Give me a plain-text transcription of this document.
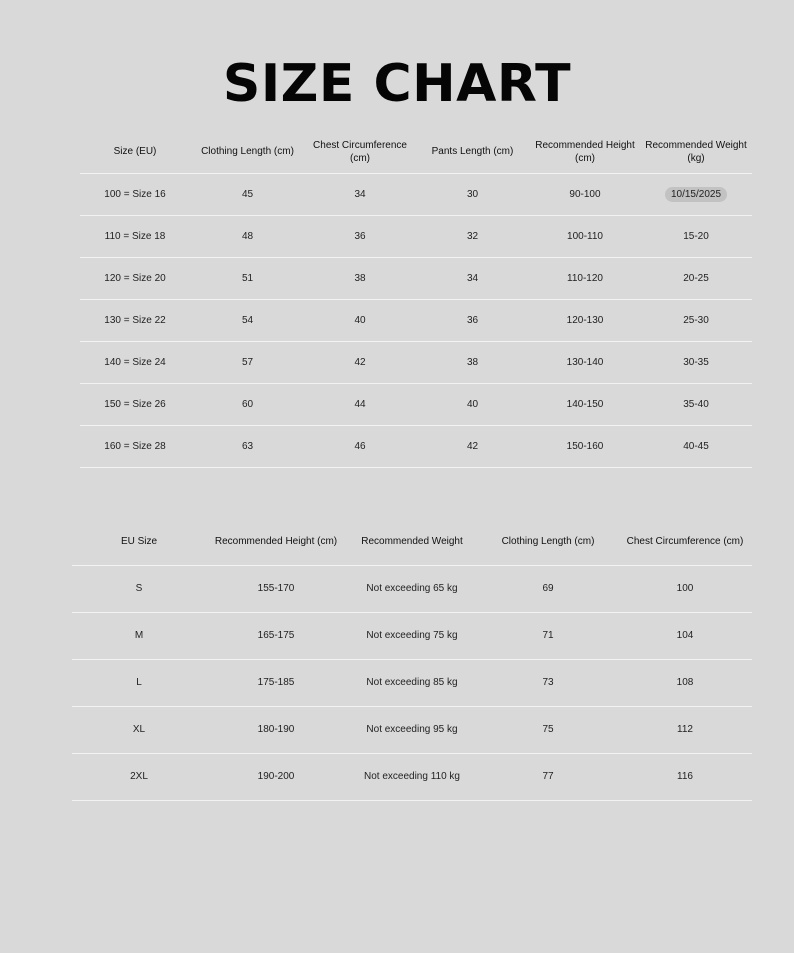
SIZE CHART
Size (EU)	Clothing Length (cm)	Chest Circumference (cm)	Pants Length (cm)	Recommended Height (cm)	Recommended Weight (kg)
100 = Size 16	45	34	30	90-100	10/15/2025
110 = Size 18	48	36	32	100-110	15-20
120 = Size 20	51	38	34	110-120	20-25
130 = Size 22	54	40	36	120-130	25-30
140 = Size 24	57	42	38	130-140	30-35
150 = Size 26	60	44	40	140-150	35-40
160 = Size 28	63	46	42	150-160	40-45
EU Size	Recommended Height (cm)	Recommended Weight	Clothing Length (cm)	Chest Circumference (cm)
S	155-170	Not exceeding 65 kg	69	100
M	165-175	Not exceeding 75 kg	71	104
L	175-185	Not exceeding 85 kg	73	108
XL	180-190	Not exceeding 95 kg	75	112
2XL	190-200	Not exceeding 110 kg	77	116
